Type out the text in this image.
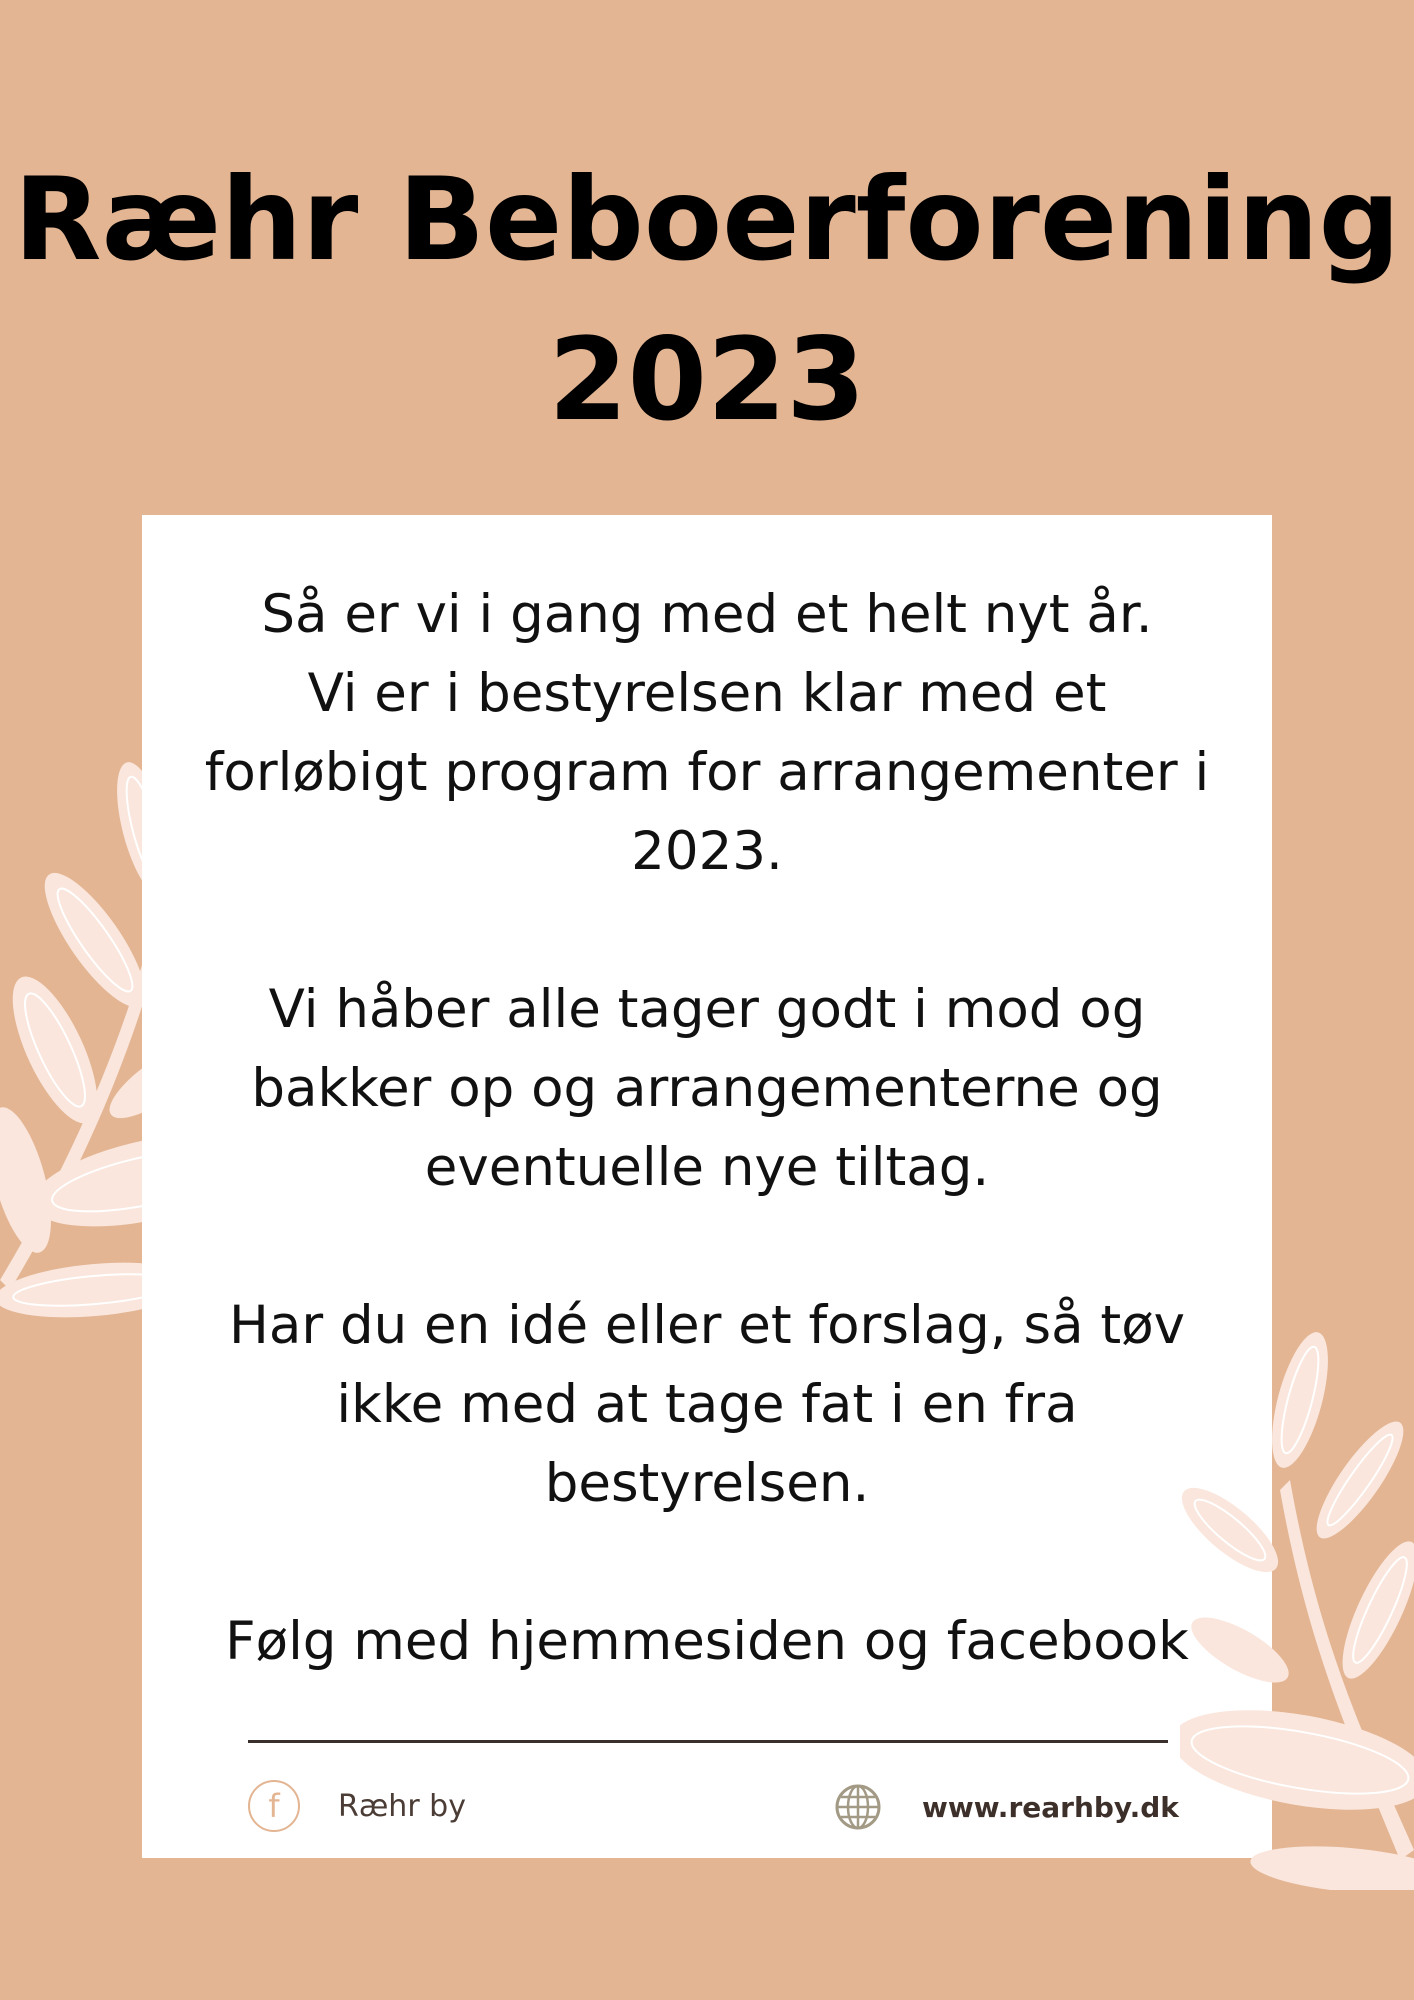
Ræhr Beboerforening
2023

Så er vi i gang med et helt nyt år.
Vi er i bestyrelsen klar med et
forløbigt program for arrangementer i
2023.

Vi håber alle tager godt i mod og
bakker op og arrangementerne og
eventuelle nye tiltag.

Har du en idé eller et forslag, så tøv
ikke med at tage fat i en fra
bestyrelsen.

Følg med hjemmesiden og facebook

f	Ræhr by	www.rearhby.dk
